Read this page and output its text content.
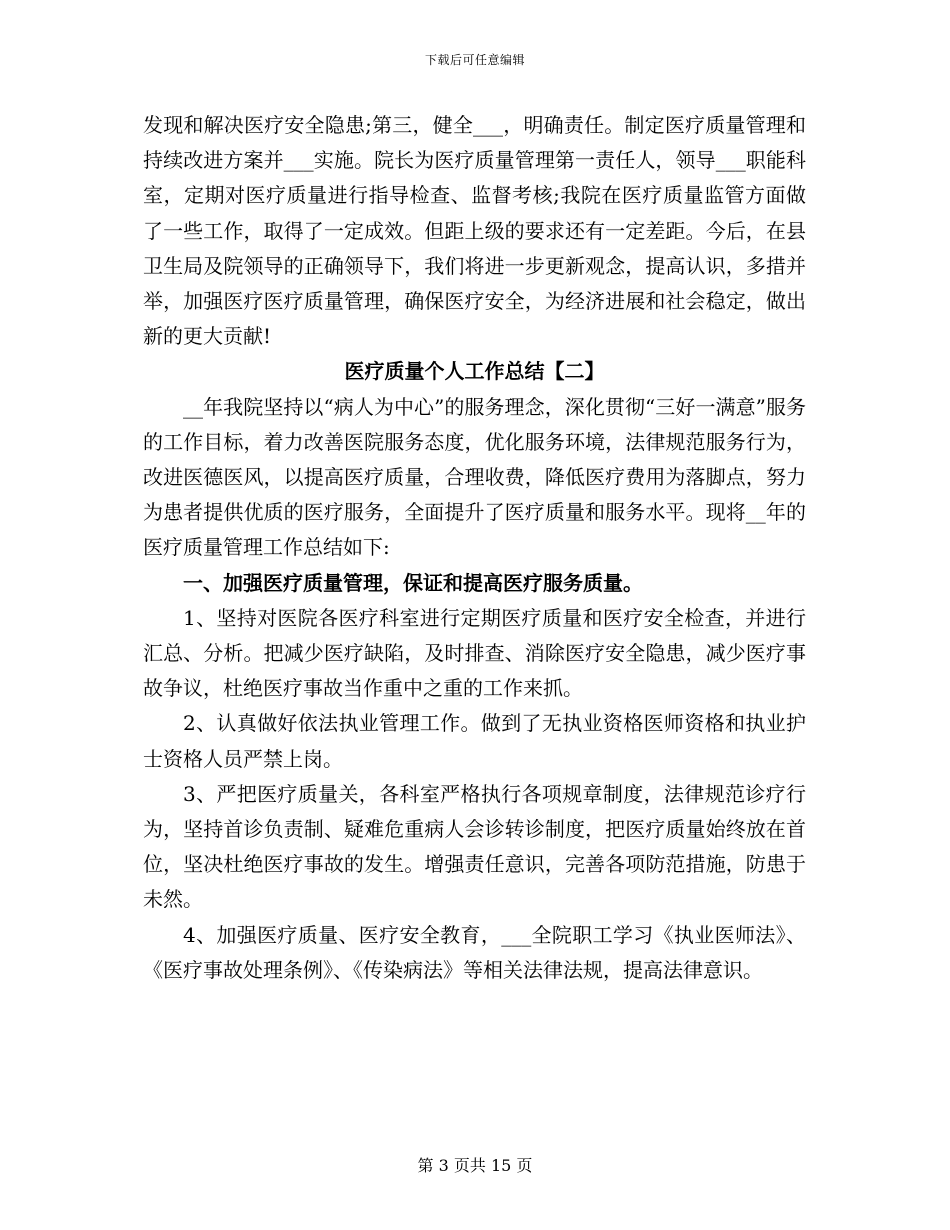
下载后可任意编辑

发现和解决医疗安全隐患;第三，健全___，明确责任。制定医疗质量管理和持续改进方案并___实施。院长为医疗质量管理第一责任人，领导___职能科室，定期对医疗质量进行指导检查、监督考核;我院在医疗质量监管方面做了一些工作，取得了一定成效。但距上级的要求还有一定差距。今后，在县卫生局及院领导的正确领导下，我们将进一步更新观念，提高认识，多措并举，加强医疗医疗质量管理，确保医疗安全，为经济进展和社会稳定，做出新的更大贡献!

医疗质量个人工作总结【二】

__年我院坚持以“病人为中心”的服务理念，深化贯彻“三好一满意”服务的工作目标，着力改善医院服务态度，优化服务环境，法律规范服务行为，改进医德医风，以提高医疗质量，合理收费，降低医疗费用为落脚点，努力为患者提供优质的医疗服务，全面提升了医疗质量和服务水平。现将__年的医疗质量管理工作总结如下:

一、加强医疗质量管理，保证和提高医疗服务质量。

1、坚持对医院各医疗科室进行定期医疗质量和医疗安全检查，并进行汇总、分析。把减少医疗缺陷，及时排查、消除医疗安全隐患，减少医疗事故争议，杜绝医疗事故当作重中之重的工作来抓。

2、认真做好依法执业管理工作。做到了无执业资格医师资格和执业护士资格人员严禁上岗。

3、严把医疗质量关，各科室严格执行各项规章制度，法律规范诊疗行为，坚持首诊负责制、疑难危重病人会诊转诊制度，把医疗质量始终放在首位，坚决杜绝医疗事故的发生。增强责任意识，完善各项防范措施，防患于未然。

4、加强医疗质量、医疗安全教育，___全院职工学习《执业医师法》、《医疗事故处理条例》、《传染病法》等相关法律法规，提高法律意识。

第 3 页共 15 页
